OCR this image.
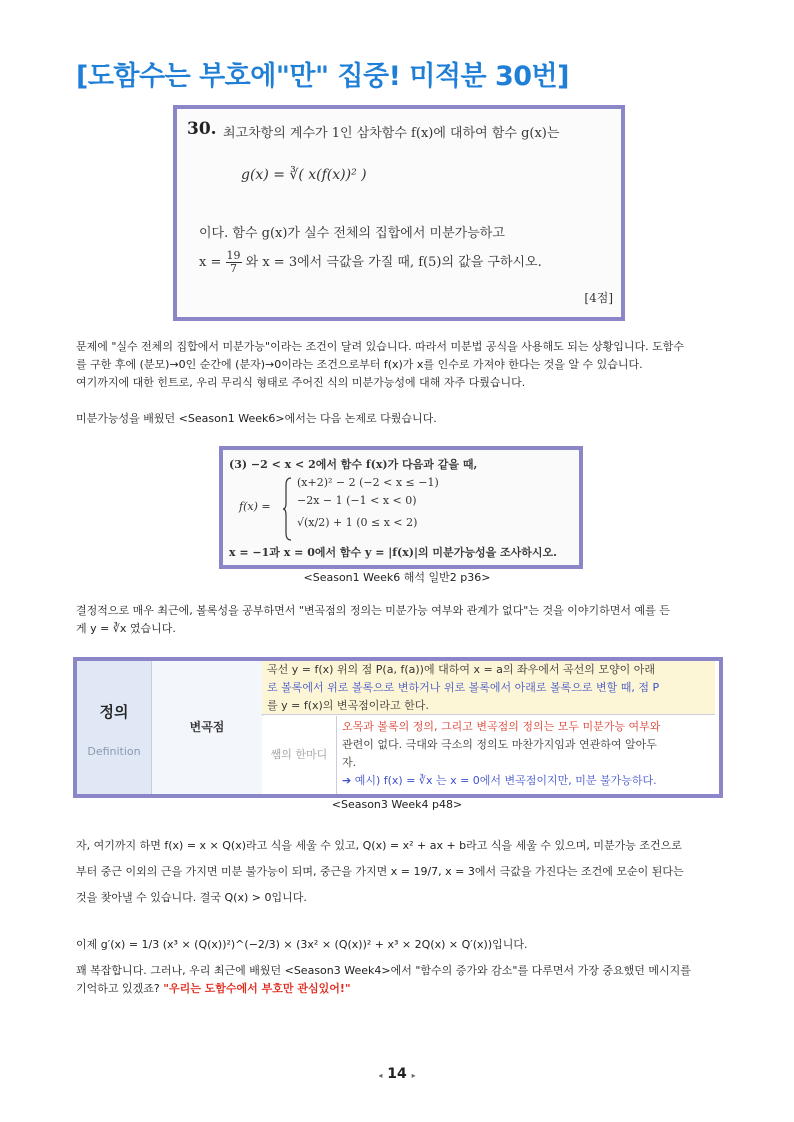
[도함수는 부호에"만" 집중! 미적분 30번]
30. 최고차항의 계수가 1인 삼차함수 f(x)에 대하여 함수 g(x)는
g(x) = ∛( x(f(x))² )
이다. 함수 g(x)가 실수 전체의 집합에서 미분가능하고
$x = \frac{19}{7}$ 와 x = 3에서 극값을 가질 때, f(5)의 값을 구하시오.
[4점]

문제에 "실수 전체의 집합에서 미분가능"이라는 조건이 달려 있습니다. 따라서 미분법 공식을 사용해도 되는 상황입니다. 도함수

를 구한 후에 (분모)→0인 순간에 (분자)→0이라는 조건으로부터 f(x)가 x를 인수로 가져야 한다는 것을 알 수 있습니다.

여기까지에 대한 힌트로, 우리 무리식 형태로 주어진 식의 미분가능성에 대해 자주 다뤘습니다.

미분가능성을 배웠던 <Season1 Week6>에서는 다음 논제로 다뤘습니다.
(3) −2 < x < 2에서 함수 f(x)가 다음과 같을 때,
f(x) =
(x+2)² − 2 (−2 < x ≤ −1)
−2x − 1 (−1 < x < 0)
√(x/2) + 1 (0 ≤ x < 2)
x = −1과 x = 0에서 함수 y = |f(x)|의 미분가능성을 조사하시오.
<Season1 Week6 해석 일반2 p36>

결정적으로 매우 최근에, 볼록성을 공부하면서 "변곡점의 정의는 미분가능 여부와 관계가 없다"는 것을 이야기하면서 예를 든

게 y = ∛x 였습니다.

정의
Definition
변곡점
곡선 y = f(x) 위의 점 P(a, f(a))에 대하여 x = a의 좌우에서 곡선의 모양이 아래
로 볼록에서 위로 볼록으로 변하거나 위로 볼록에서 아래로 볼록으로 변할 때, 점 P
를 y = f(x)의 변곡점이라고 한다.
쌤의 한마디
오목과 볼록의 정의, 그리고 변곡점의 정의는 모두 미분가능 여부와
관련이 없다. 극대와 극소의 정의도 마찬가지임과 연관하여 알아두
자.
➔ 예시) f(x) = ∛x 는 x = 0에서 변곡점이지만, 미분 불가능하다.
<Season3 Week4 p48>

자, 여기까지 하면 f(x) = x × Q(x)라고 식을 세울 수 있고, Q(x) = x² + ax + b라고 식을 세울 수 있으며, 미분가능 조건으로

부터 중근 이외의 근을 가지면 미분 불가능이 되며, 중근을 가지면 x = 19/7, x = 3에서 극값을 가진다는 조건에 모순이 된다는

것을 찾아낼 수 있습니다. 결국 Q(x) > 0입니다.

이제 g′(x) = 1/3 (x³ × (Q(x))²)^(−2/3) × (3x² × (Q(x))² + x³ × 2Q(x) × Q′(x))입니다.

꽤 복잡합니다. 그러나, 우리 최근에 배웠던 <Season3 Week4>에서 "함수의 증가와 감소"를 다루면서 가장 중요했던 메시지를

기억하고 있겠죠? "우리는 도함수에서 부호만 관심있어!"

◂ 14 ▸
